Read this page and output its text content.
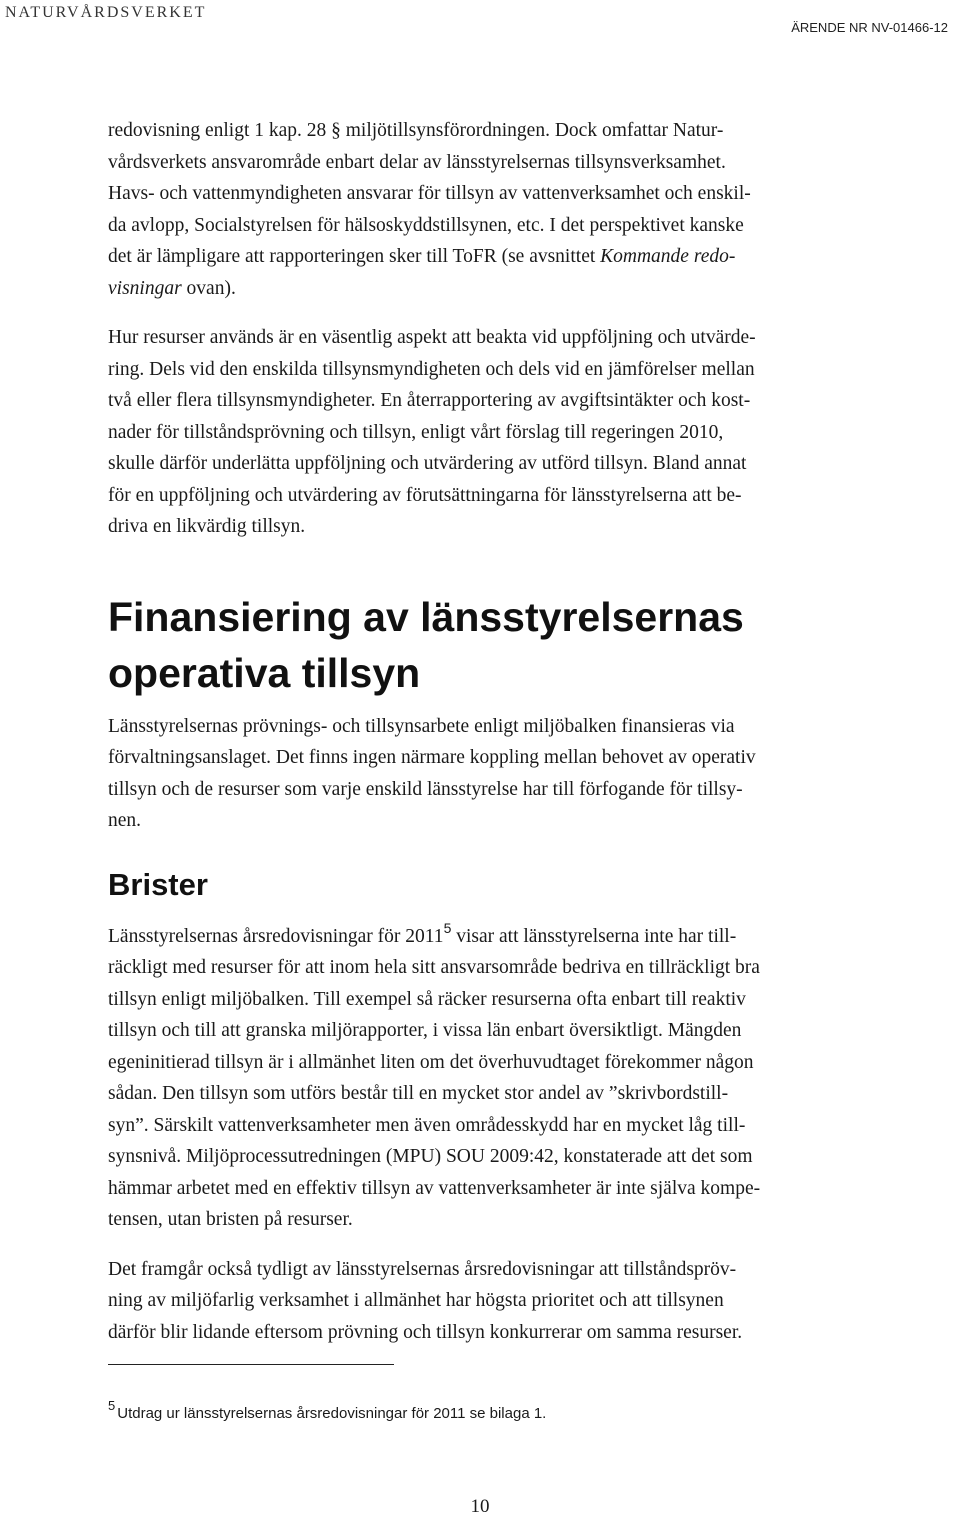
NATURVÅRDSVERKET
ÄRENDE NR NV-01466-12

redovisning enligt 1 kap. 28 § miljötillsynsförordningen. Dock omfattar Natur-
vårdsverkets ansvarområde enbart delar av länsstyrelsernas tillsynsverksamhet.
Havs- och vattenmyndigheten ansvarar för tillsyn av vattenverksamhet och enskil-
da avlopp, Socialstyrelsen för hälsoskyddstillsynen, etc. I det perspektivet kanske
det är lämpligare att rapporteringen sker till ToFR (se avsnittet Kommande redo-
visningar ovan).

Hur resurser används är en väsentlig aspekt att beakta vid uppföljning och utvärde-
ring. Dels vid den enskilda tillsynsmyndigheten och dels vid en jämförelser mellan
två eller flera tillsynsmyndigheter. En återrapportering av avgiftsintäkter och kost-
nader för tillståndsprövning och tillsyn, enligt vårt förslag till regeringen 2010,
skulle därför underlätta uppföljning och utvärdering av utförd tillsyn. Bland annat
för en uppföljning och utvärdering av förutsättningarna för länsstyrelserna att be-
driva en likvärdig tillsyn.

Finansiering av länsstyrelsernas
operativa tillsyn

Länsstyrelsernas prövnings- och tillsynsarbete enligt miljöbalken finansieras via
förvaltningsanslaget. Det finns ingen närmare koppling mellan behovet av operativ
tillsyn och de resurser som varje enskild länsstyrelse har till förfogande för tillsy-
nen.

Brister

Länsstyrelsernas årsredovisningar för 2011$^5$ visar att länsstyrelserna inte har till-
räckligt med resurser för att inom hela sitt ansvarsområde bedriva en tillräckligt bra
tillsyn enligt miljöbalken. Till exempel så räcker resurserna ofta enbart till reaktiv
tillsyn och till att granska miljörapporter, i vissa län enbart översiktligt. Mängden
egeninitierad tillsyn är i allmänhet liten om det överhuvudtaget förekommer någon
sådan. Den tillsyn som utförs består till en mycket stor andel av ”skrivbordstill-
syn”. Särskilt vattenverksamheter men även områdesskydd har en mycket låg till-
synsnivå. Miljöprocessutredningen (MPU) SOU 2009:42, konstaterade att det som
hämmar arbetet med en effektiv tillsyn av vattenverksamheter är inte själva kompe-
tensen, utan bristen på resurser.

Det framgår också tydligt av länsstyrelsernas årsredovisningar att tillståndspröv-
ning av miljöfarlig verksamhet i allmänhet har högsta prioritet och att tillsynen
därför blir lidande eftersom prövning och tillsyn konkurrerar om samma resurser.

$^5$ Utdrag ur länsstyrelsernas årsredovisningar för 2011 se bilaga 1.
10
